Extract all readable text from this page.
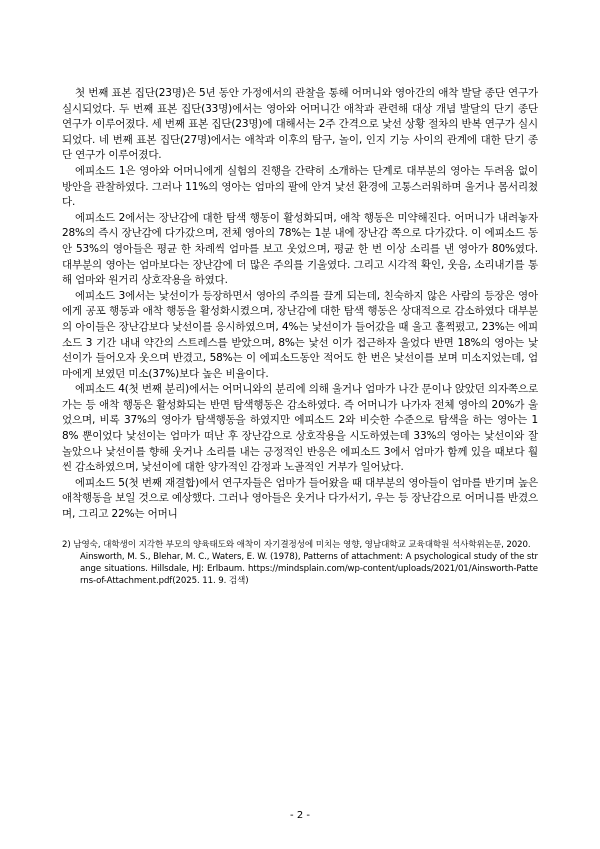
첫 번째 표본 집단(23명)은 5년 동안 가정에서의 관찰을 통해 어머니와 영아간의 애착 발달 종단 연구가 실시되었다. 두 번째 표본 집단(33명)에서는 영아와 어머니간 애착과 관련해 대상 개념 발달의 단기 종단 연구가 이루어졌다. 세 번째 표본 집단(23명)에 대해서는 2주 간격으로 낯선 상황 절차의 반복 연구가 실시되었다. 네 번째 표본 집단(27명)에서는 애착과 이후의 탐구, 놀이, 인지 기능 사이의 관계에 대한 단기 종단 연구가 이루어졌다.

에피소드 1은 영아와 어머니에게 실험의 진행을 간략히 소개하는 단계로 대부분의 영아는 두려움 없이 방안을 관찰하였다. 그러나 11%의 영아는 엄마의 팔에 안겨 낯선 환경에 고통스러워하며 울거나 몸서리쳤다.

에피소드 2에서는 장난감에 대한 탐색 행동이 활성화되며, 애착 행동은 미약해진다. 어머니가 내려놓자 28%의 즉시 장난감에 다가갔으며, 전체 영아의 78%는 1분 내에 장난감 쪽으로 다가갔다. 이 에피소드 동안 53%의 영아들은 평균 한 차례씩 엄마를 보고 웃었으며, 평균 한 번 이상 소리를 낸 영아가 80%였다. 대부분의 영아는 엄마보다는 장난감에 더 많은 주의를 기울였다. 그리고 시각적 확인, 웃음, 소리내기를 통해 엄마와 원거리 상호작용을 하였다.

에피소드 3에서는 낯선이가 등장하면서 영아의 주의를 끌게 되는데, 친숙하지 않은 사람의 등장은 영아에게 공포 행동과 애착 행동을 활성화시켰으며, 장난감에 대한 탐색 행동은 상대적으로 감소하였다 대부분의 아이들은 장난감보다 낯선이를 응시하였으며, 4%는 낯선이가 들어갔을 때 울고 훌쩍폈고, 23%는 에피소드 3 기간 내내 약간의 스트레스를 받았으며, 8%는 낯선 이가 접근하자 울었다 반면 18%의 영아는 낯선이가 들어오자 웃으며 반겼고, 58%는 이 에피소드동안 적어도 한 번은 낯선이를 보며 미소지었는데, 엄마에게 보였던 미소(37%)보다 높은 비율이다.

에피소드 4(첫 번째 분리)에서는 어머니와의 분리에 의해 울거나 엄마가 나간 문이나 앉았던 의자쪽으로 가는 등 애착 행동은 활성화되는 반면 탐색행동은 감소하였다. 즉 어머니가 나가자 전체 영아의 20%가 울었으며, 비록 37%의 영아가 탐색행동을 하였지만 에피소드 2와 비슷한 수준으로 탐색을 하는 영아는 18% 뿐이었다 낯선이는 엄마가 떠난 후 장난감으로 상호작용을 시도하였는데 33%의 영아는 낯선이와 잘 놀았으나 낯선이를 향해 웃거나 소리를 내는 긍정적인 반응은 에피소드 3에서 엄마가 함께 있을 때보다 훨씬 감소하였으며, 낯선이에 대한 양가적인 감정과 노골적인 거부가 일어났다.

에피소드 5(첫 번째 재결합)에서 연구자들은 엄마가 들어왔을 때 대부분의 영아들이 엄마를 반기며 높은 애착행동을 보일 것으로 예상했다. 그러나 영아들은 웃거나 다가서기, 우는 등 장난감으로 어머니를 반겼으며, 그리고 22%는 어머니

2) 남영숙, 대학생이 지각한 부모의 양육태도와 애착이 자기결정성에 미치는 영향, 영남대학교 교육대학원 석사학위논문, 2020.
Ainsworth, M. S., Blehar, M. C., Waters, E. W. (1978), Patterns of attachment: A psychological study of the strange situations. Hillsdale, HJ: Erlbaum. https://mindsplain.com/wp-content/uploads/2021/01/Ainsworth-Patterns-of-Attachment.pdf(2025. 11. 9. 검색)
- 2 -
